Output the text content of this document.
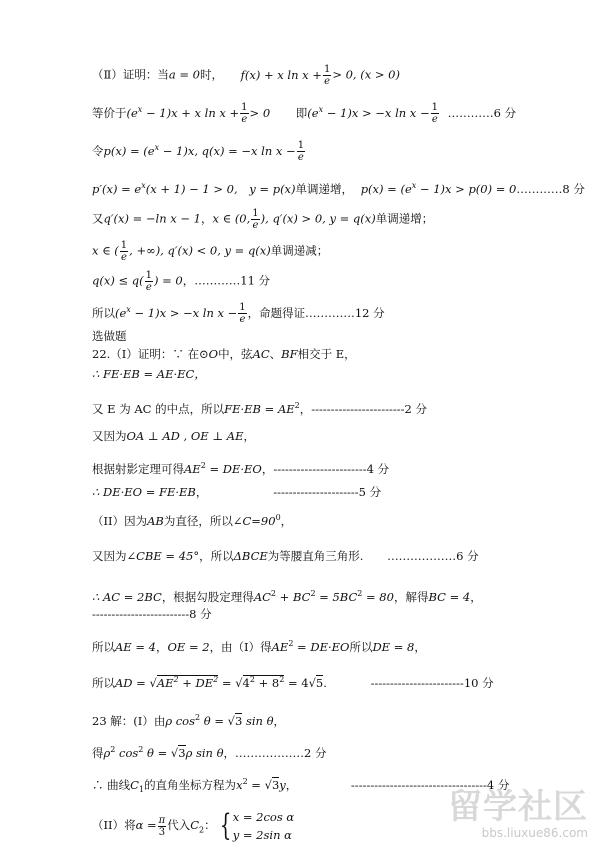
（Ⅱ）证明：当a = 0时， f(x) + x $\ln x + \frac{1}{e} > 0$, (x > 0)
等价于$(e^x - 1)x + x$ $\ln x + \frac{1}{e} > 0$ 即$(e^x - 1)x > -x$ $\ln x - \frac{1}{e}$ …………6 分
令$p(x) = (e^x - 1)x$, q(x) = −x $\ln x - \frac{1}{e}$
$p'(x) = e^x(x + 1) - 1 > 0$, y = p(x)单调递增， $p(x) = (e^x - 1)x > p(0)$ = 0…………8 分
又q′(x) = −ln x − 1，x ∈ (0, $\frac{1}{e}$ ), q′(x) > 0, y = q(x)单调递增；
x ∈ ( $\frac{1}{e}$ , +∞), q′(x) < 0, y = q(x)单调递减；
$q(x) \le q( \frac{1}{e}$ ) = 0，…………11 分
所以$(e^x - 1)x > -x$ $\ln x - \frac{1}{e}$ ，命题得证.…………12 分
选做题
22.（I）证明：∵ 在⊙O中，弦AC、BF相交于 E，
∴ FE·EB = AE·EC，
又 E 为 AC 的中点，所以$FE\cdot EB = AE^2$，------------------------2 分
又因为OA ⊥ AD , OE ⊥ AE，
根据射影定理可得$AE^2 = DE\cdot EO$，------------------------4 分
∴ DE·EO = FE·EB，                  ----------------------5 分
（II）因为AB为直径，所以$\angle C=90^0$，
又因为∠CBE = 45°，所以ΔBCE为等腰直角三角形. ………………6 分
∴ AC = 2BC，根据勾股定理得$AC^2 + BC^2 = 5BC^2 = 80$，解得BC = 4，
-------------------------8 分
所以AE = 4，OE = 2，由（I）得$AE^2 = DE\cdot EO$所以DE = 8，
所以AD = $√AE^2 + DE^2 = √4^2 + 8^2 = 4√5$.	------------------------10 分
23 解：(I）由ρ $\cos^2 \theta = √3$ sin θ，
得$\rho^2$ $\cos^2 \theta = √3\rho$ sin θ，………………2 分
∴ 曲线$C_1$的直角坐标方程为$x^2 = √3y$，	-----------------------------------4 分
（II）将$\alpha = \frac{\pi}{3}$ 代入$C_2$： { x = 2cos α
y = 2sin α
留学社区
bbs.liuxue86.com
